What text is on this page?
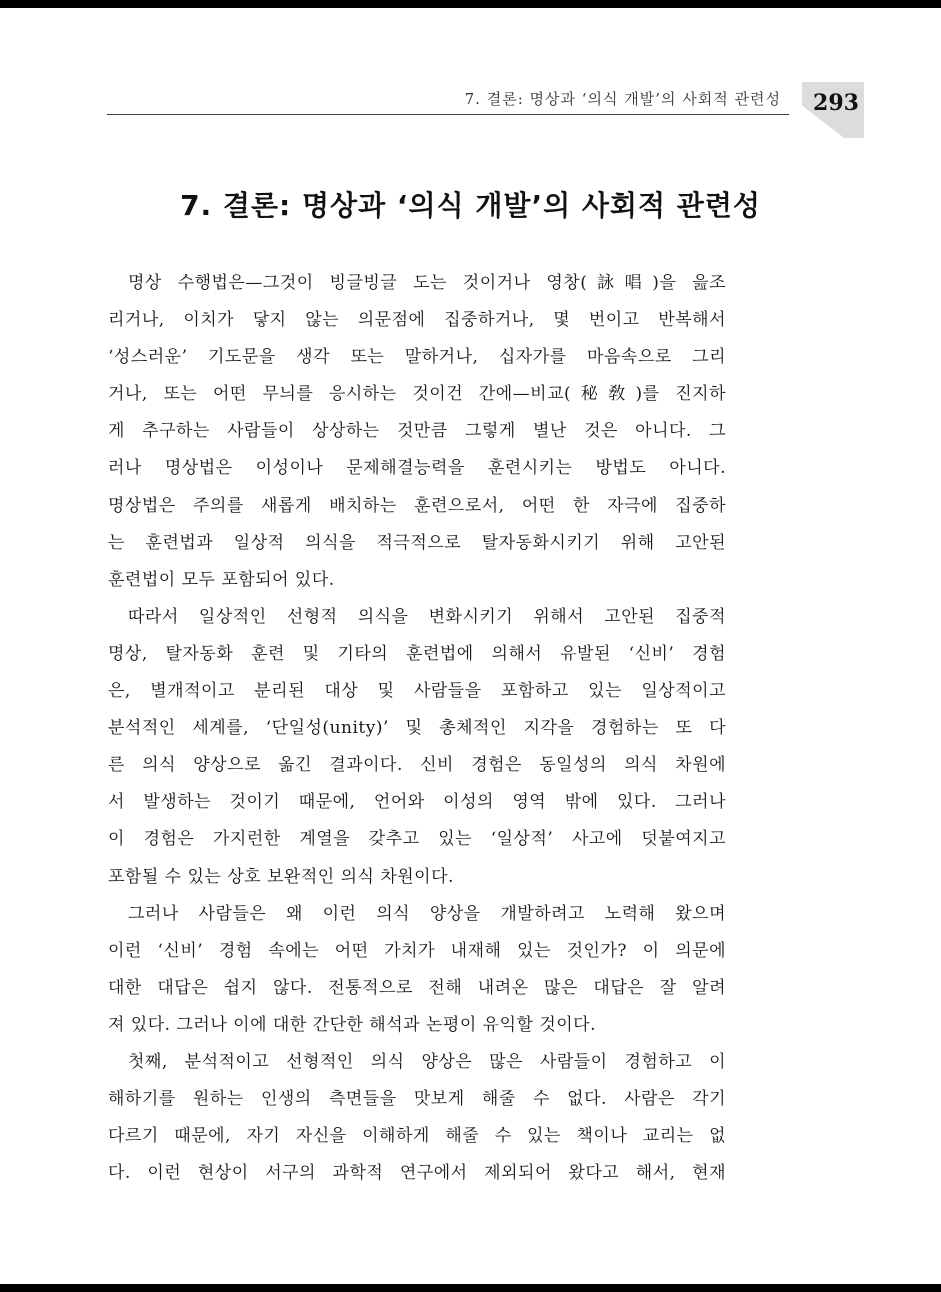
7. 결론: 명상과 ‘의식 개발’의 사회적 관련성	293
7. 결론: 명상과 ‘의식 개발’의 사회적 관련성
명상 수행법은—그것이 빙글빙글 도는 것이거나 영창(詠唱)을 읊조
리거나, 이치가 닿지 않는 의문점에 집중하거나, 몇 번이고 반복해서
‘성스러운’ 기도문을 생각 또는 말하거나, 십자가를 마음속으로 그리
거나, 또는 어떤 무늬를 응시하는 것이건 간에—비교(秘敎)를 진지하
게 추구하는 사람들이 상상하는 것만큼 그렇게 별난 것은 아니다. 그
러나 명상법은 이성이나 문제해결능력을 훈련시키는 방법도 아니다.
명상법은 주의를 새롭게 배치하는 훈련으로서, 어떤 한 자극에 집중하
는 훈련법과 일상적 의식을 적극적으로 탈자동화시키기 위해 고안된
훈련법이 모두 포함되어 있다.
따라서 일상적인 선형적 의식을 변화시키기 위해서 고안된 집중적
명상, 탈자동화 훈련 및 기타의 훈련법에 의해서 유발된 ‘신비’ 경험
은, 별개적이고 분리된 대상 및 사람들을 포함하고 있는 일상적이고
분석적인 세계를, ‘단일성(unity)’ 및 총체적인 지각을 경험하는 또 다
른 의식 양상으로 옮긴 결과이다. 신비 경험은 동일성의 의식 차원에
서 발생하는 것이기 때문에, 언어와 이성의 영역 밖에 있다. 그러나
이 경험은 가지런한 계열을 갖추고 있는 ‘일상적’ 사고에 덧붙여지고
포함될 수 있는 상호 보완적인 의식 차원이다.
그러나 사람들은 왜 이런 의식 양상을 개발하려고 노력해 왔으며
이런 ‘신비’ 경험 속에는 어떤 가치가 내재해 있는 것인가? 이 의문에
대한 대답은 쉽지 않다. 전통적으로 전해 내려온 많은 대답은 잘 알려
져 있다. 그러나 이에 대한 간단한 해석과 논평이 유익할 것이다.
첫째, 분석적이고 선형적인 의식 양상은 많은 사람들이 경험하고 이
해하기를 원하는 인생의 측면들을 맛보게 해줄 수 없다. 사람은 각기
다르기 때문에, 자기 자신을 이해하게 해줄 수 있는 책이나 교리는 없
다. 이런 현상이 서구의 과학적 연구에서 제외되어 왔다고 해서, 현재
